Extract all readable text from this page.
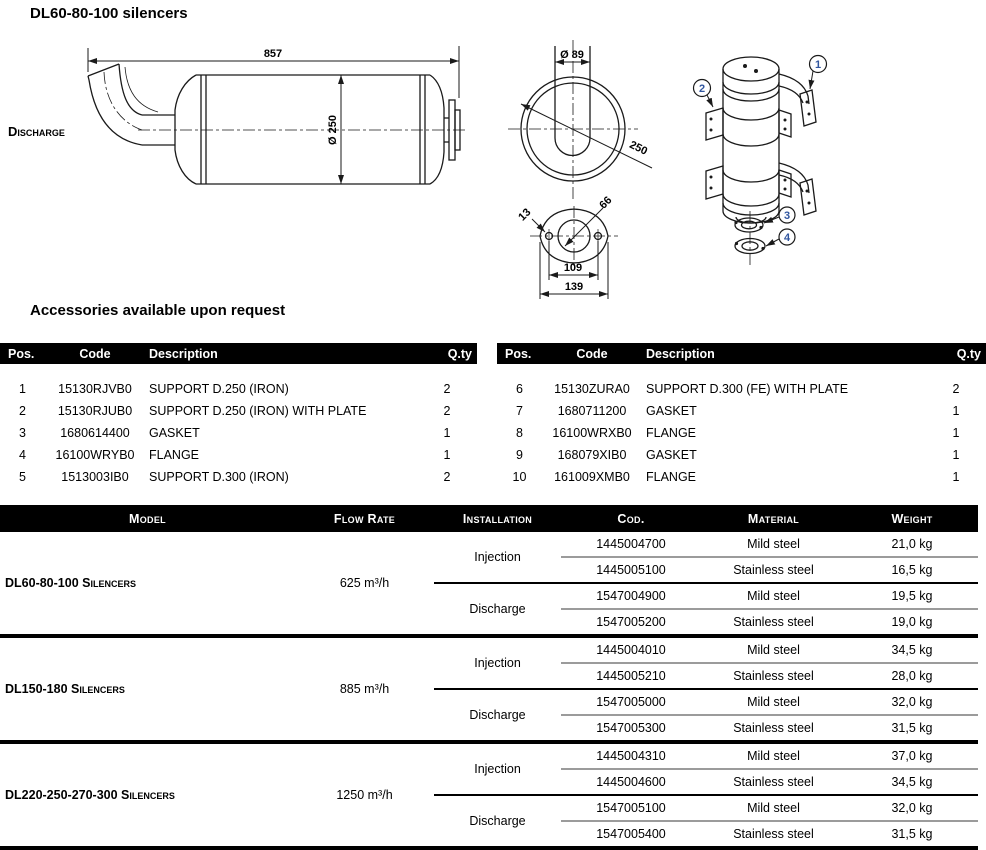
DL60-80-100 silencers
857
Ø 250
Discharge
Ø 89
250
13
66
109
139
1
2
3
4
Accessories available upon request
Pos.	Code	Description	Q.ty
1	15130RJVB0	SUPPORT D.250 (IRON)	2
2	15130RJUB0	SUPPORT D.250 (IRON) WITH PLATE	2
3	1680614400	GASKET	1
4	16100WRYB0	FLANGE	1
5	1513003IB0	SUPPORT D.300 (IRON)	2
Pos.	Code	Description	Q.ty
6	15130ZURA0	SUPPORT D.300 (FE) WITH PLATE	2
7	1680711200	GASKET	1
8	16100WRXB0	FLANGE	1
9	168079XIB0	GASKET	1
10	161009XMB0	FLANGE	1
Model	Flow Rate	Installation	Cod.	Material	Weight
DL60-80-100 Silencers	625 m³/h	Injection	1445004700	Mild steel	21,0 kg
			1445005100	Stainless steel	16,5 kg
		Discharge	1547004900	Mild steel	19,5 kg
			1547005200	Stainless steel	19,0 kg
DL150-180 Silencers	885 m³/h	Injection	1445004010	Mild steel	34,5 kg
			1445005210	Stainless steel	28,0 kg
		Discharge	1547005000	Mild steel	32,0 kg
			1547005300	Stainless steel	31,5 kg
DL220-250-270-300 Silencers	1250 m³/h	Injection	1445004310	Mild steel	37,0 kg
			1445004600	Stainless steel	34,5 kg
		Discharge	1547005100	Mild steel	32,0 kg
			1547005400	Stainless steel	31,5 kg
